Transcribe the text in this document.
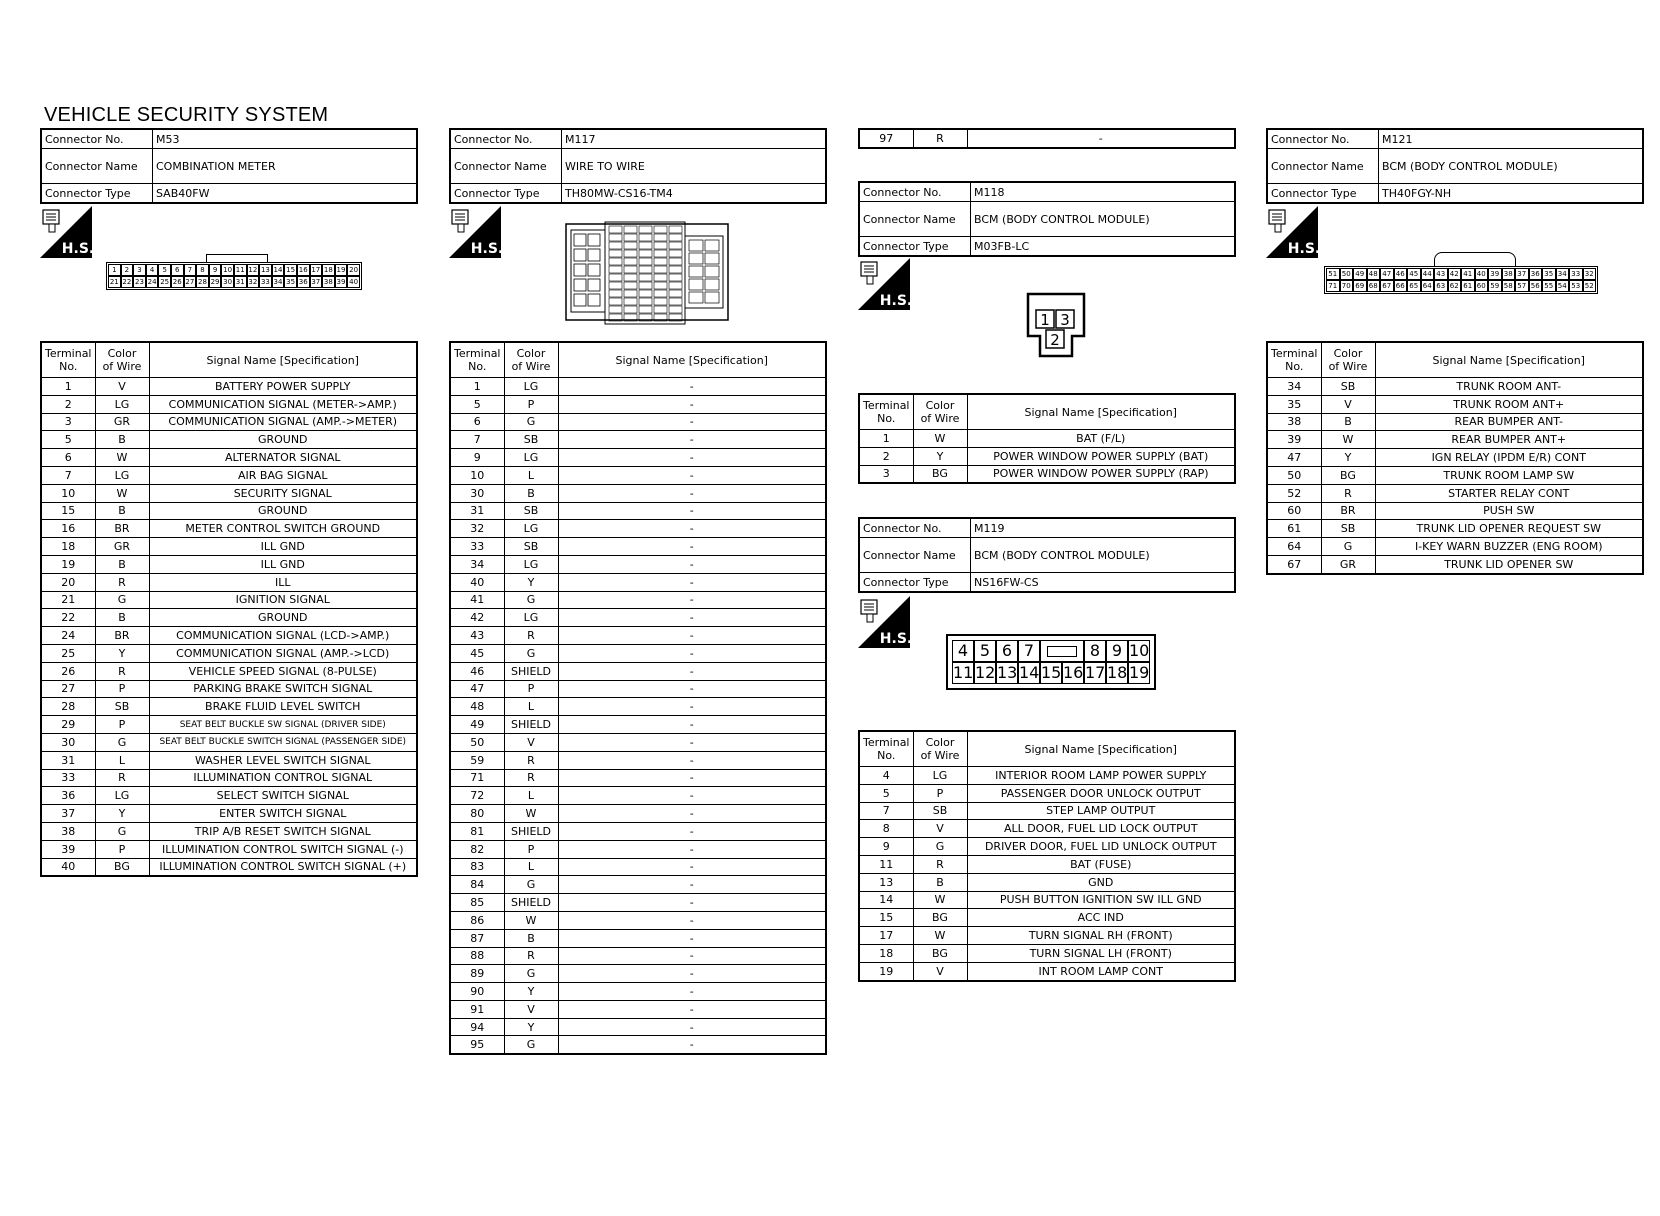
VEHICLE SECURITY SYSTEM
Connector No.	M53
Connector Name	COMBINATION METER
Connector Type	SAB40FW
H.S.
1	2	3	4	5	6	7	8	9 10 11 12 13 14 15 16 17 18 19 20
21 22 23 24 25 26 27 28 29 30 31 32 33 34 35 36 37 38 39 40
Terminal
No.	Color
of Wire	Signal Name [Specification]
1	V	BATTERY POWER SUPPLY
2	LG	COMMUNICATION SIGNAL (METER->AMP.)
3	GR	COMMUNICATION SIGNAL (AMP.->METER)
5	B	GROUND
6	W	ALTERNATOR SIGNAL
7	LG	AIR BAG SIGNAL
10	W	SECURITY SIGNAL
15	B	GROUND
16	BR	METER CONTROL SWITCH GROUND
18	GR	ILL GND
19	B	ILL GND
20	R	ILL
21	G	IGNITION SIGNAL
22	B	GROUND
24	BR	COMMUNICATION SIGNAL (LCD->AMP.)
25	Y	COMMUNICATION SIGNAL (AMP.->LCD)
26	R	VEHICLE SPEED SIGNAL (8-PULSE)
27	P	PARKING BRAKE SWITCH SIGNAL
28	SB	BRAKE FLUID LEVEL SWITCH
29	P	SEAT BELT BUCKLE SW SIGNAL (DRIVER SIDE)
30	G	SEAT BELT BUCKLE SWITCH SIGNAL (PASSENGER SIDE)
31	L	WASHER LEVEL SWITCH SIGNAL
33	R	ILLUMINATION CONTROL SIGNAL
36	LG	SELECT SWITCH SIGNAL
37	Y	ENTER SWITCH SIGNAL
38	G	TRIP A/B RESET SWITCH SIGNAL
39	P	ILLUMINATION CONTROL SWITCH SIGNAL (-)
40	BG	ILLUMINATION CONTROL SWITCH SIGNAL (+)
Connector No.	M117
Connector Name	WIRE TO WIRE
Connector Type	TH80MW-CS16-TM4
H.S.
Terminal
No.	Color
of Wire	Signal Name [Specification]
1	LG	-
5	P	-
6	G	-
7	SB	-
9	LG	-
10	L	-
30	B	-
31	SB	-
32	LG	-
33	SB	-
34	LG	-
40	Y	-
41	G	-
42	LG	-
43	R	-
45	G	-
46	SHIELD	-
47	P	-
48	L	-
49	SHIELD	-
50	V	-
59	R	-
71	R	-
72	L	-
80	W	-
81	SHIELD	-
82	P	-
83	L	-
84	G	-
85	SHIELD	-
86	W	-
87	B	-
88	R	-
89	G	-
90	Y	-
91	V	-
94	Y	-
95	G	-
97	R	-
Connector No.	M118
Connector Name	BCM (BODY CONTROL MODULE)
Connector Type	M03FB-LC
H.S.
1 3
2
Terminal
No.	Color
of Wire	Signal Name [Specification]
1	W	BAT (F/L)
2	Y	POWER WINDOW POWER SUPPLY (BAT)
3	BG	POWER WINDOW POWER SUPPLY (RAP)
Connector No.	M119
Connector Name	BCM (BODY CONTROL MODULE)
Connector Type	NS16FW-CS
H.S.
4 5 6 7	8 9 10
11 12 13 14 15 16 17 18 19
Terminal
No.	Color
of Wire	Signal Name [Specification]
4	LG	INTERIOR ROOM LAMP POWER SUPPLY
5	P	PASSENGER DOOR UNLOCK OUTPUT
7	SB	STEP LAMP OUTPUT
8	V	ALL DOOR, FUEL LID LOCK OUTPUT
9	G	DRIVER DOOR, FUEL LID UNLOCK OUTPUT
11	R	BAT (FUSE)
13	B	GND
14	W	PUSH BUTTON IGNITION SW ILL GND
15	BG	ACC IND
17	W	TURN SIGNAL RH (FRONT)
18	BG	TURN SIGNAL LH (FRONT)
19	V	INT ROOM LAMP CONT
Connector No.	M121
Connector Name	BCM (BODY CONTROL MODULE)
Connector Type	TH40FGY-NH
H.S.
51 50 49 48 47 46 45 44 43 42 41 40 39 38 37 36 35 34 33 32
71 70 69 68 67 66 65 64 63 62 61 60 59 58 57 56 55 54 53 52
Terminal
No.	Color
of Wire	Signal Name [Specification]
34	SB	TRUNK ROOM ANT-
35	V	TRUNK ROOM ANT+
38	B	REAR BUMPER ANT-
39	W	REAR BUMPER ANT+
47	Y	IGN RELAY (IPDM E/R) CONT
50	BG	TRUNK ROOM LAMP SW
52	R	STARTER RELAY CONT
60	BR	PUSH SW
61	SB	TRUNK LID OPENER REQUEST SW
64	G	I-KEY WARN BUZZER (ENG ROOM)
67	GR	TRUNK LID OPENER SW
